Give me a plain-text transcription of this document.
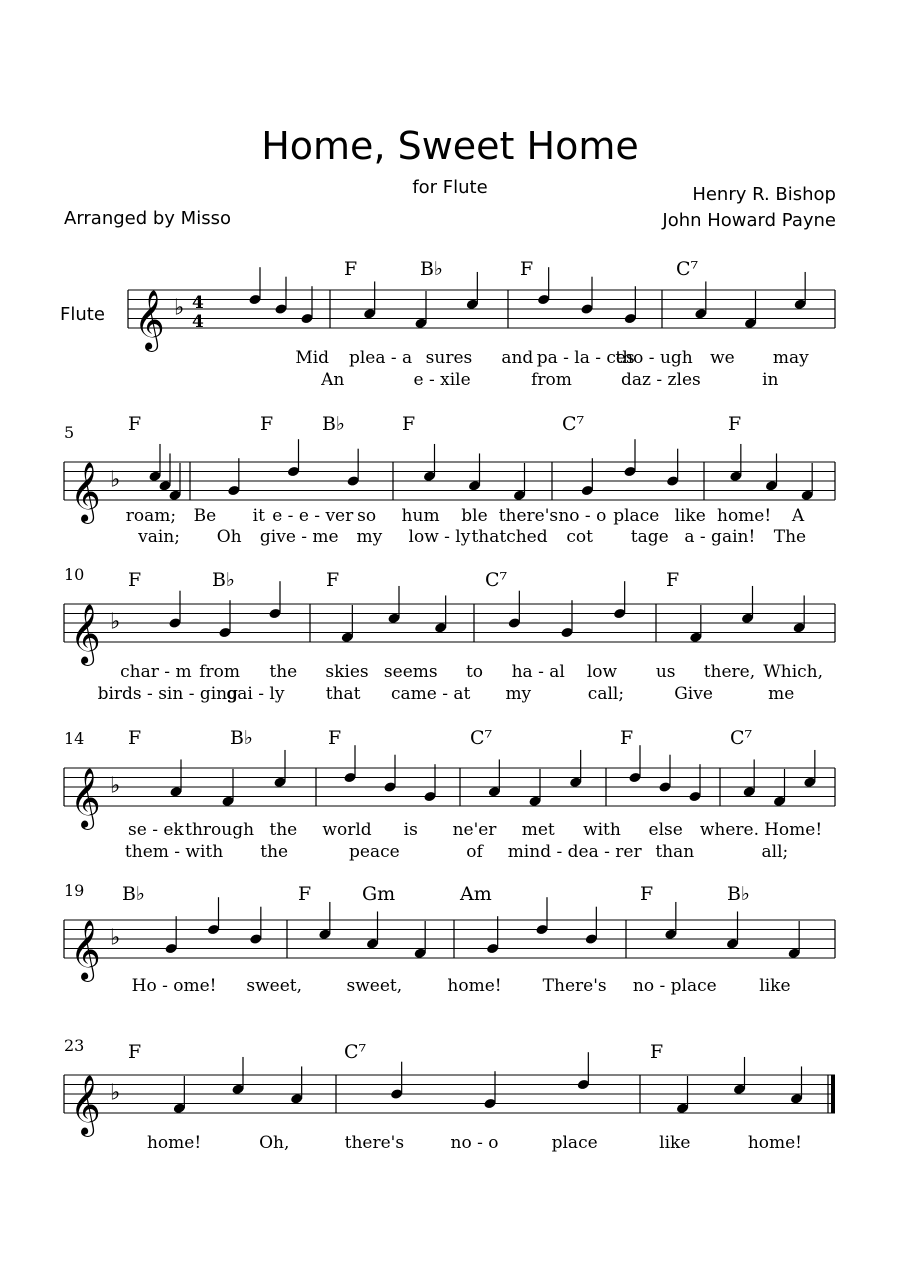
Home, Sweet Home
for Flute	Henry R. Bishop
John Howard Payne
Arranged by Misso
Flute 𝄞 ♭ 4
4
F	B♭	F	C⁷
Mid plea - a sures and pa - la - ces
tho - ugh we may
An	e - xile	from	daz - zles	in
𝄞 ♭
5	F	F	B♭	F	C⁷	F
roam; Be it e - e - ver so hum ble there's no - o place like home! A
vain; Oh give - me my low - ly thatched cot tage a - gain! The
𝄞 ♭
10 F	B♭	F	C⁷	F
char - m from the skies seems to ha - al low us there, Which,
birds - sin - ging
gai - ly that came - at my	call;	Give	me
𝄞 ♭
14 F	B♭	F	C⁷	F	C⁷
se - ek through the world is ne'er met with else where. Home!
them - with the	peace	of mind - dea - rer than	all;
𝄞 ♭
19 B♭	F	Gm	Am	F	B♭
Ho - ome! sweet,	sweet,	home! There's no - place	like
𝄞 ♭
23 F	C⁷	F
home!	Oh,	there's	no - o	place	like	home!
